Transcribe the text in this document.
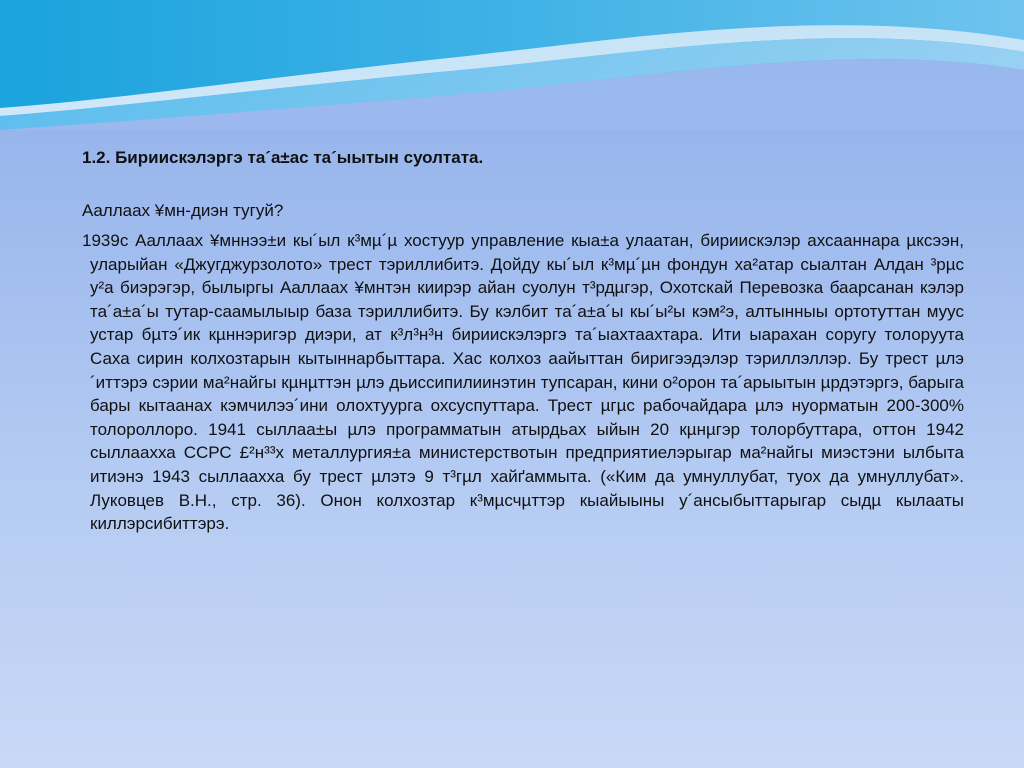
1.2. Бириискэлэргэ та´а±ас та´ыытын суолтата.

Аaллаах ¥мн-диэн тугуй?

1939с Аaллаах ¥мннээ±и кы´ыл к³мµ´µ хостуур управление кыа±а улаатан, бириискэлэр ахсааннара µксээн, уларыйан «Джугджурзолото» трест тэриллибитэ. Дойду кы´ыл к³мµ´µн фондун ха²атар сыалтан Алдан ³рµс у²а биэрэгэр, былыргы Аaллаах ¥мнтэн киирэр айан суолун т³рдµгэр, Охотскай Перевозка баарсанан кэлэр та´а±а´ы тутар-саамылыыр база тэриллибитэ. Бу кэлбит та´а±а´ы кы´ы²ы кэм²э, алтынныы ортотуттан муус устар бµтэ´ик кµннэригэр диэри, ат к³л³н³н бириискэлэргэ та´ыахтаахтара. Ити ыарахан соругу толоруута Саха сирин колхозтарын кытыннарбыттара. Хас колхоз аайыттан биригээдэлэр тэриллэллэр. Бу трест µлэ´иттэрэ сэрии ма²найгы кµнµттэн µлэ дьиссипилиинэтин тупсаран, кини о²орон та´арыытын µрдэтэргэ, барыга бары кытаанах кэмчилээ´ини олохтуурга охсуспуттара. Трест µгµс рабочайдара µлэ нуорматын 200-300% толороллоро. 1941 сыллаа±ы µлэ программатын атырдьах ыйын 20 кµнµгэр толорбуттара, оттон 1942 сыллаахха ССРС £²н³³х металлургия±а министерствотын предприятиелэрыгар ма²найгы миэстэни ылбыта итиэнэ 1943 сыллаахха бу трест µлэтэ 9 т³гµл хайґаммыта. («Ким да умнуллубат, туох да умнуллубат». Луковцев В.Н., стр. 36). Онон колхозтар к³мµсчµттэр кыайыыны у´ансыбыттарыгар сыдµ кылааты киллэрсибиттэрэ.
